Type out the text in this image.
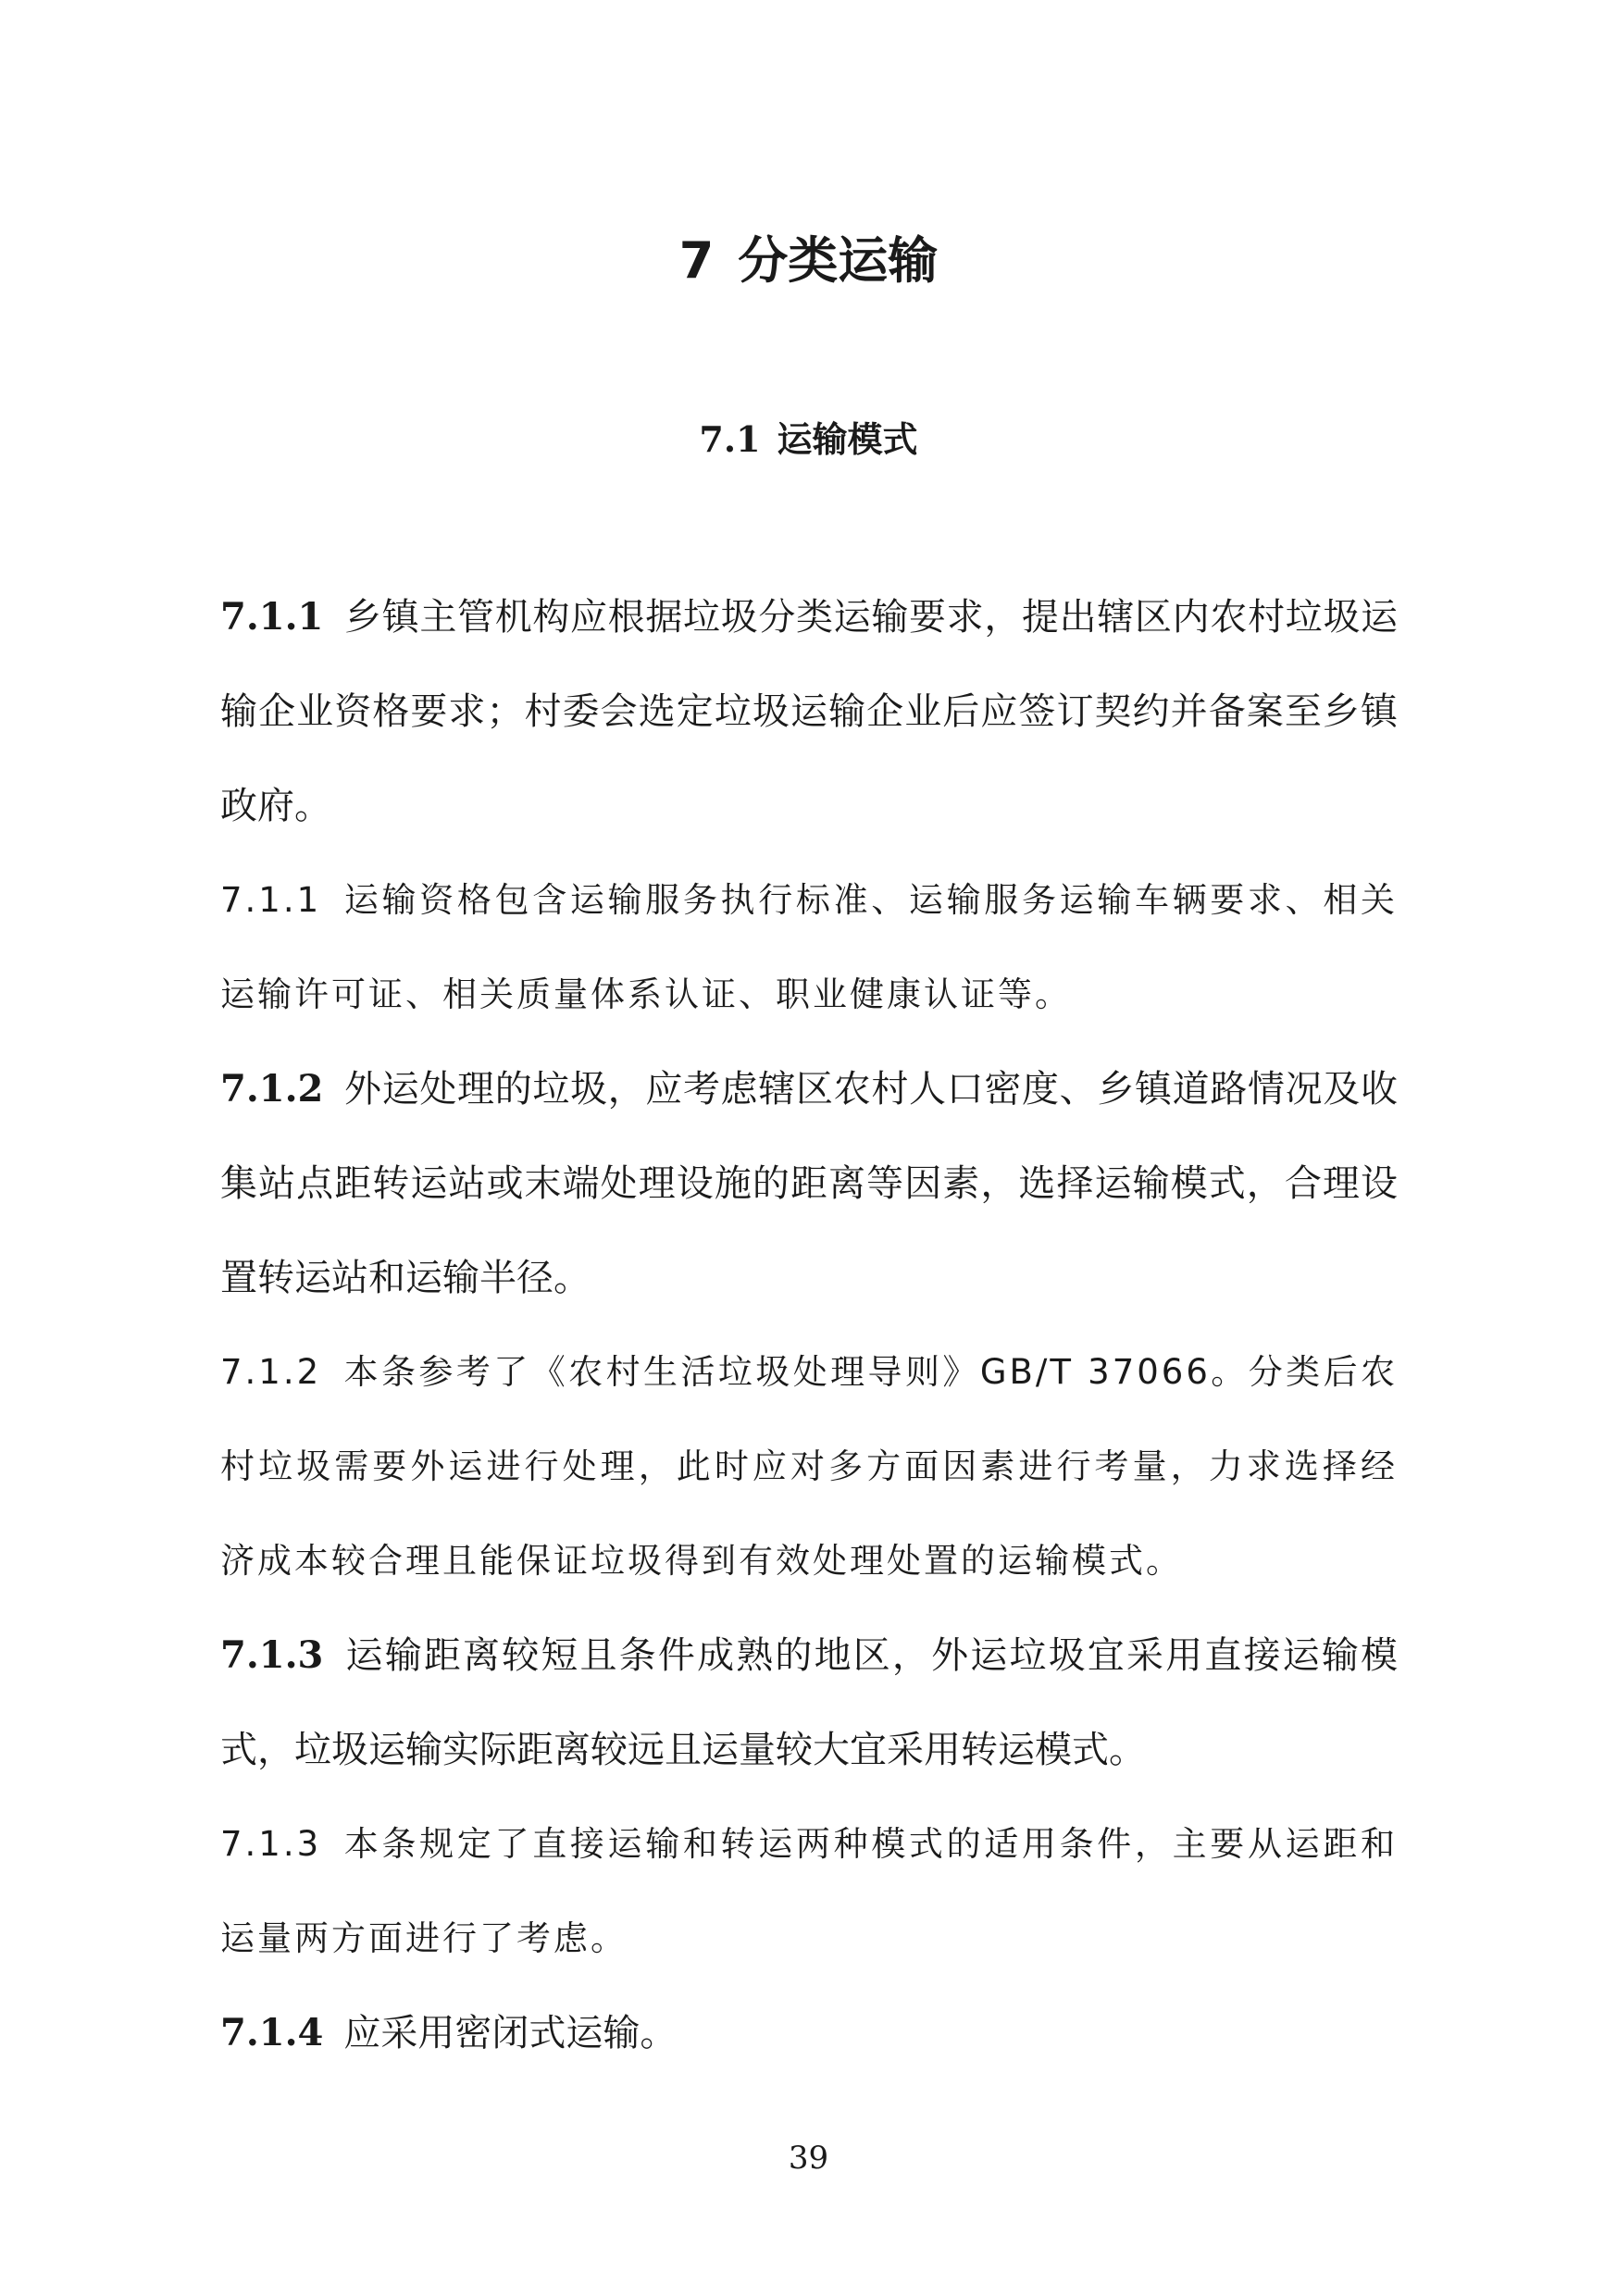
7 分类运输
7.1 运输模式

7.1.1 乡镇主管机构应根据垃圾分类运输要求，提出辖区内农村垃圾运输企业资格要求；村委会选定垃圾运输企业后应签订契约并备案至乡镇政府。

7.1.1 运输资格包含运输服务执行标准、运输服务运输车辆要求、相关运输许可证、相关质量体系认证、职业健康认证等。

7.1.2 外运处理的垃圾，应考虑辖区农村人口密度、乡镇道路情况及收集站点距转运站或末端处理设施的距离等因素，选择运输模式，合理设置转运站和运输半径。

7.1.2 本条参考了《农村生活垃圾处理导则》GB/T 37066。分类后农村垃圾需要外运进行处理，此时应对多方面因素进行考量，力求选择经济成本较合理且能保证垃圾得到有效处理处置的运输模式。

7.1.3 运输距离较短且条件成熟的地区，外运垃圾宜采用直接运输模式，垃圾运输实际距离较远且运量较大宜采用转运模式。

7.1.3 本条规定了直接运输和转运两种模式的适用条件，主要从运距和运量两方面进行了考虑。

7.1.4 应采用密闭式运输。

39
